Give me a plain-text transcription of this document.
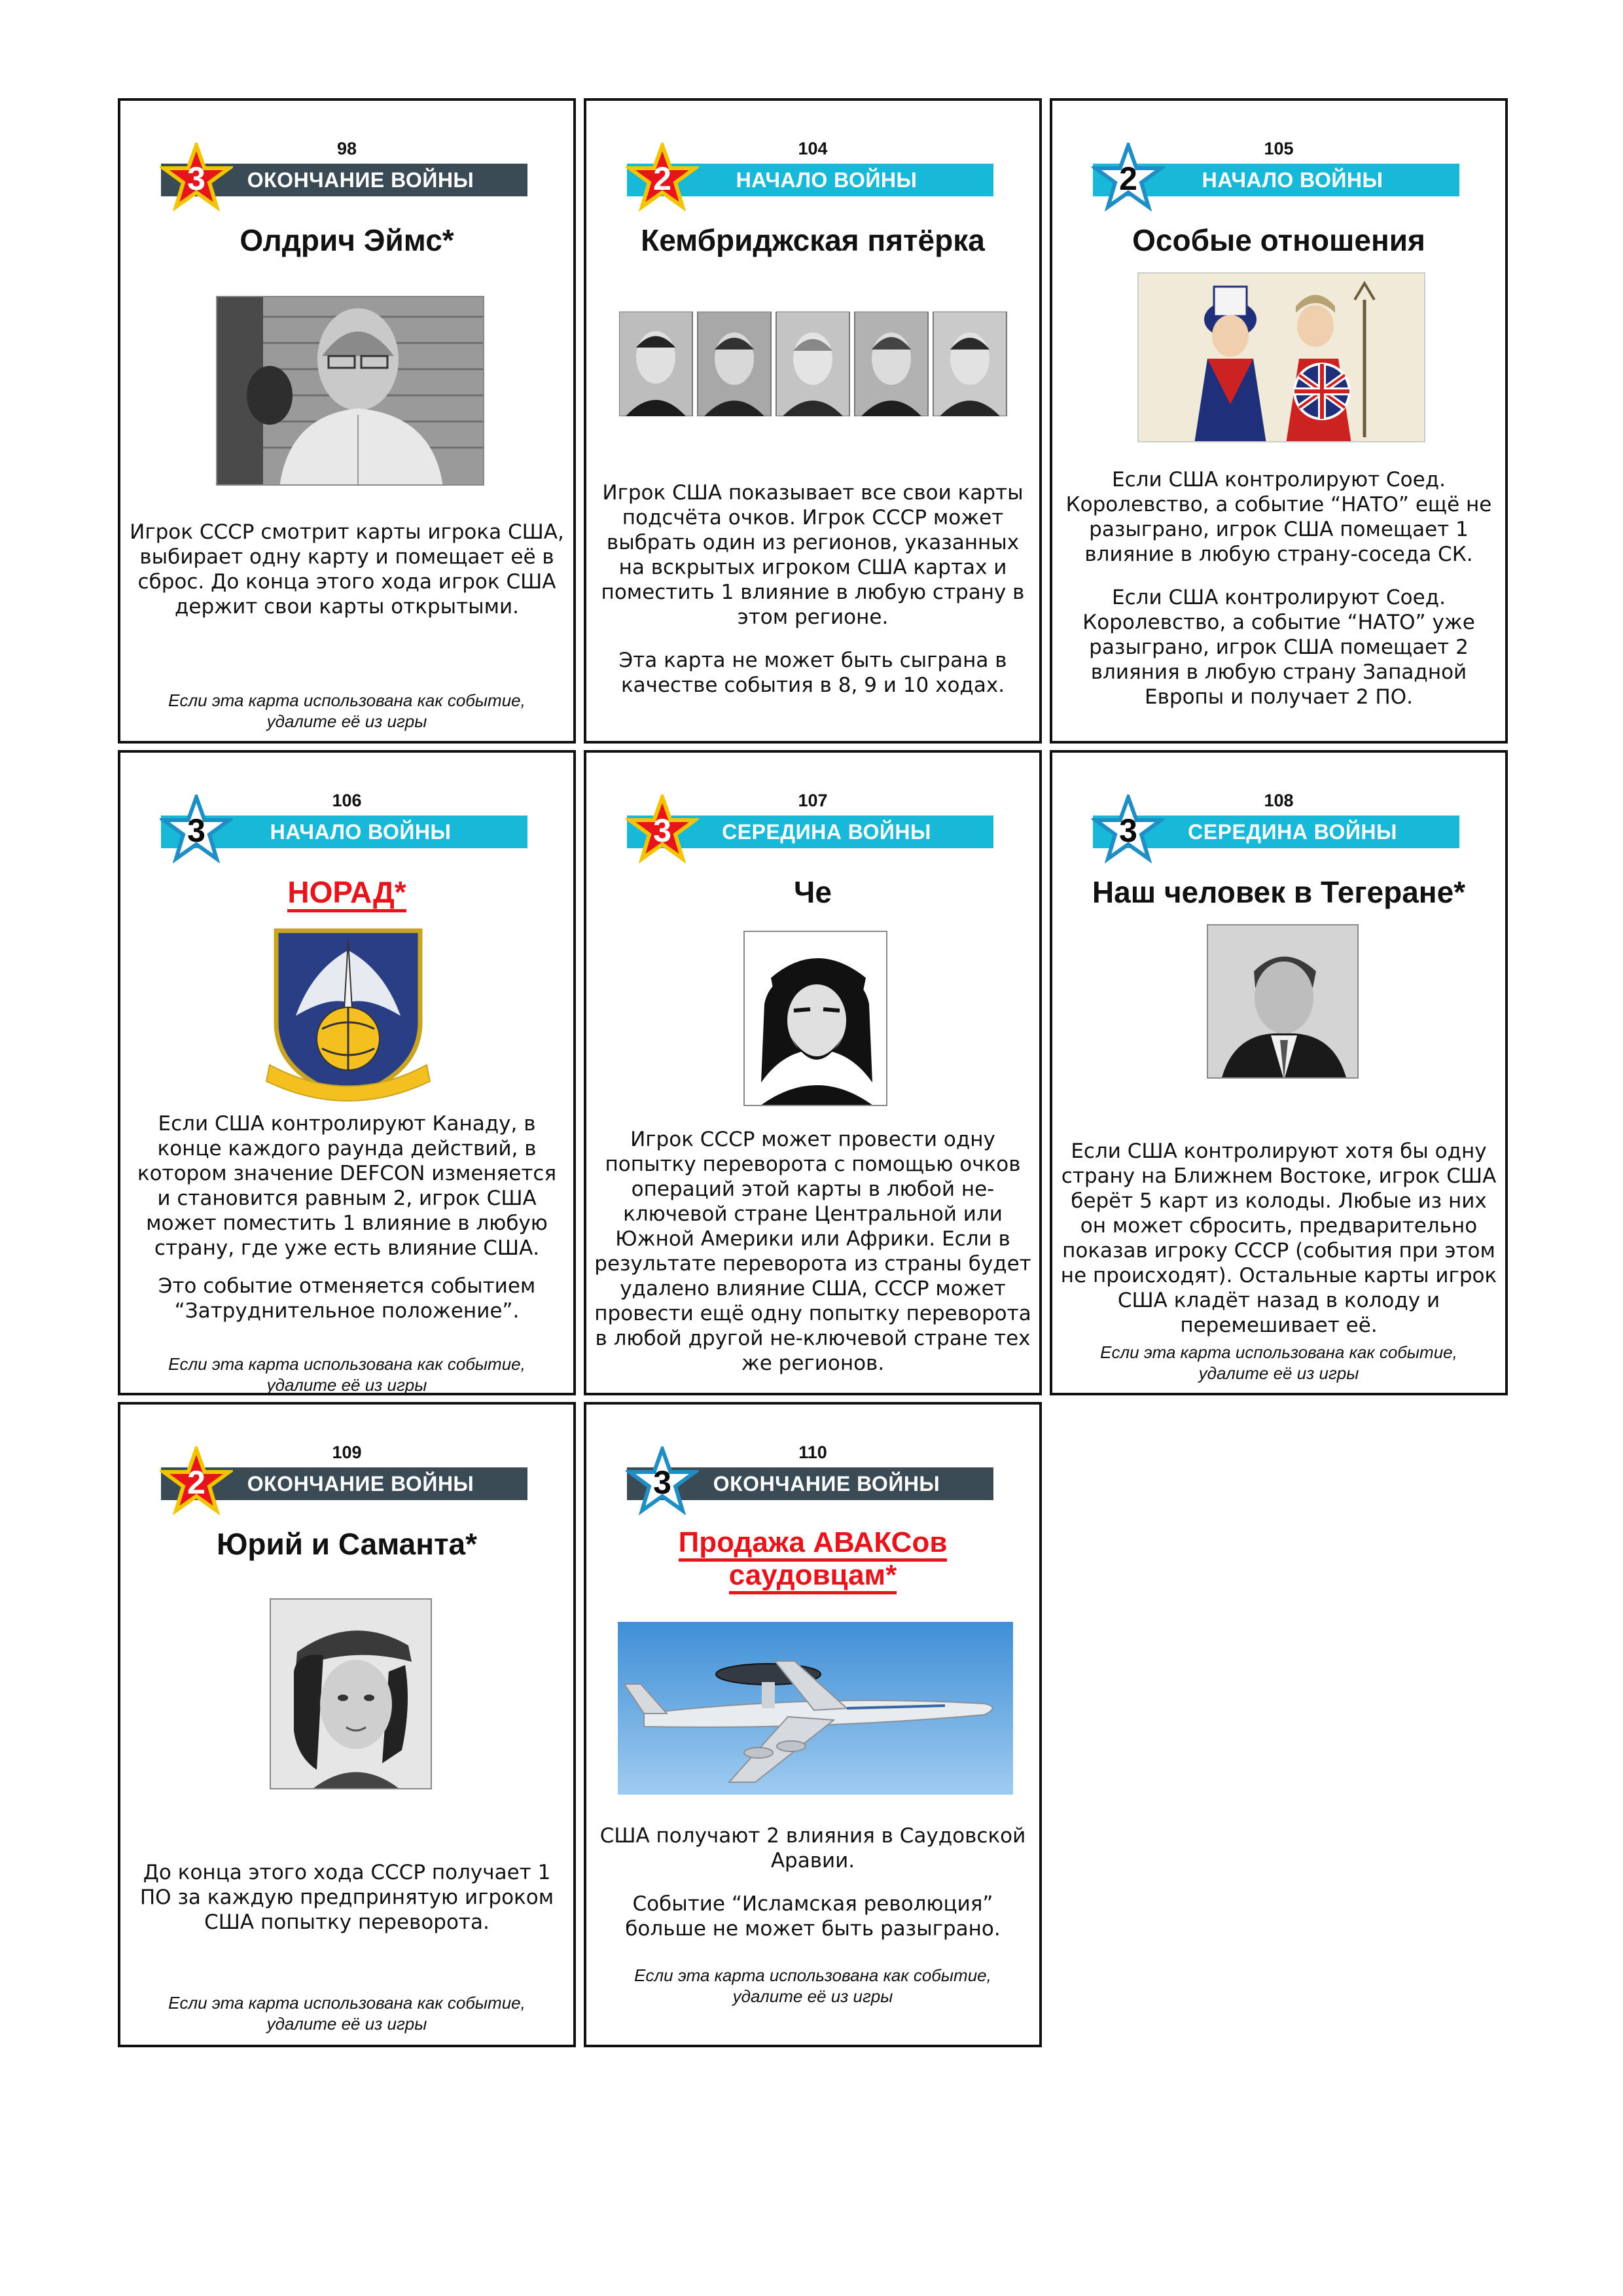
98
ОКОНЧАНИЕ ВОЙНЫ
3
Олдрич Эймс*

Игрок СССР смотрит карты игрока США, выбирает одну карту и помещает её в сброс. До конца этого хода игрок США держит свои карты открытыми.

Если эта карта использована как событие, удалите её из игры
104
НАЧАЛО ВОЙНЫ
2
Кембриджская пятёрка

Игрок США показывает все свои карты подсчёта очков. Игрок СССР может выбрать один из регионов, указанных на вскрытых игроком США картах и поместить 1 влияние в любую страну в этом регионе.

Эта карта не может быть сыграна в качестве события в 8, 9 и 10 ходах.

105
НАЧАЛО ВОЙНЫ
2
Особые отношения

Если США контролируют Соед. Королевство, а событие “НАТО” ещё не разыграно, игрок США помещает 1 влияние в любую страну-соседа СК.

Если США контролируют Соед. Королевство, а событие “НАТО” уже разыграно, игрок США помещает 2 влияния в любую страну Западной Европы и получает 2 ПО.

106
НАЧАЛО ВОЙНЫ
3
НОРАД*

Если США контролируют Канаду, в конце каждого раунда действий, в котором значение DEFCON изменяется и становится равным 2, игрок США может поместить 1 влияние в любую страну, где уже есть влияние США.

Это событие отменяется событием “Затруднительное положение”.

Если эта карта использована как событие, удалите её из игры
107
СЕРЕДИНА ВОЙНЫ
3
Че

Игрок СССР может провести одну попытку переворота с помощью очков операций этой карты в любой не-ключевой стране Центральной или Южной Америки или Африки. Если в результате переворота из страны будет удалено влияние США, СССР может провести ещё одну попытку переворота в любой другой не-ключевой стране тех же регионов.

108
СЕРЕДИНА ВОЙНЫ
3
Наш человек в Тегеране*

Если США контролируют хотя бы одну страну на Ближнем Востоке, игрок США берёт 5 карт из колоды. Любые из них он может сбросить, предварительно показав игроку СССР (события при этом не происходят). Остальные карты игрок США кладёт назад в колоду и перемешивает её.

Если эта карта использована как событие, удалите её из игры
109
ОКОНЧАНИЕ ВОЙНЫ
2
Юрий и Саманта*

До конца этого хода СССР получает 1 ПО за каждую предпринятую игроком США попытку переворота.

Если эта карта использована как событие, удалите её из игры
110
ОКОНЧАНИЕ ВОЙНЫ
3
Продажа АВАКСов саудовцам*

США получают 2 влияния в Саудовской Аравии.

Событие “Исламская революция” больше не может быть разыграно.

Если эта карта использована как событие, удалите её из игры
